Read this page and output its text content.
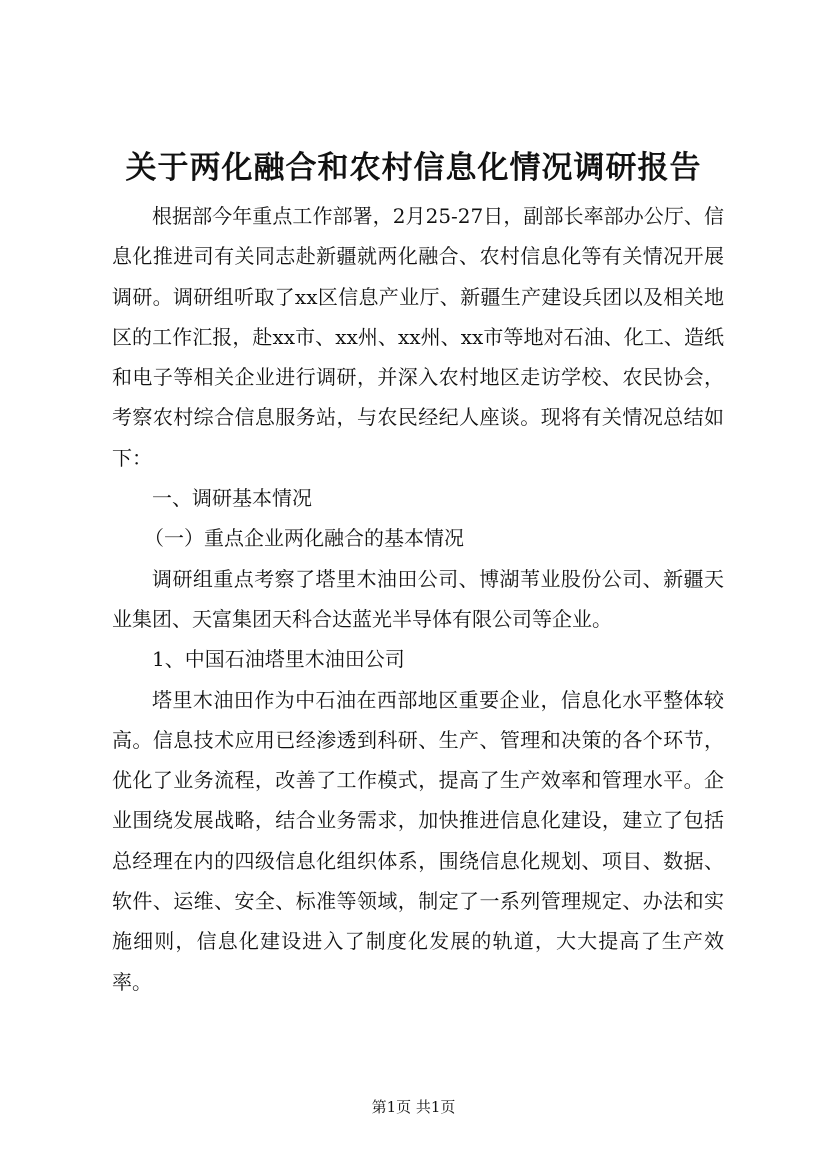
关于两化融合和农村信息化情况调研报告

根据部今年重点工作部署，2月25-27日，副部长率部办公厅、信息化推进司有关同志赴新疆就两化融合、农村信息化等有关情况开展调研。调研组听取了xx区信息产业厅、新疆生产建设兵团以及相关地区的工作汇报，赴xx市、xx州、xx州、xx市等地对石油、化工、造纸和电子等相关企业进行调研，并深入农村地区走访学校、农民协会，考察农村综合信息服务站，与农民经纪人座谈。现将有关情况总结如下：

一、调研基本情况

（一）重点企业两化融合的基本情况

调研组重点考察了塔里木油田公司、博湖苇业股份公司、新疆天业集团、天富集团天科合达蓝光半导体有限公司等企业。

1、中国石油塔里木油田公司

塔里木油田作为中石油在西部地区重要企业，信息化水平整体较高。信息技术应用已经渗透到科研、生产、管理和决策的各个环节，优化了业务流程，改善了工作模式，提高了生产效率和管理水平。企业围绕发展战略，结合业务需求，加快推进信息化建设，建立了包括总经理在内的四级信息化组织体系，围绕信息化规划、项目、数据、软件、运维、安全、标准等领域，制定了一系列管理规定、办法和实施细则，信息化建设进入了制度化发展的轨道，大大提高了生产效率。

第1页 共1页
